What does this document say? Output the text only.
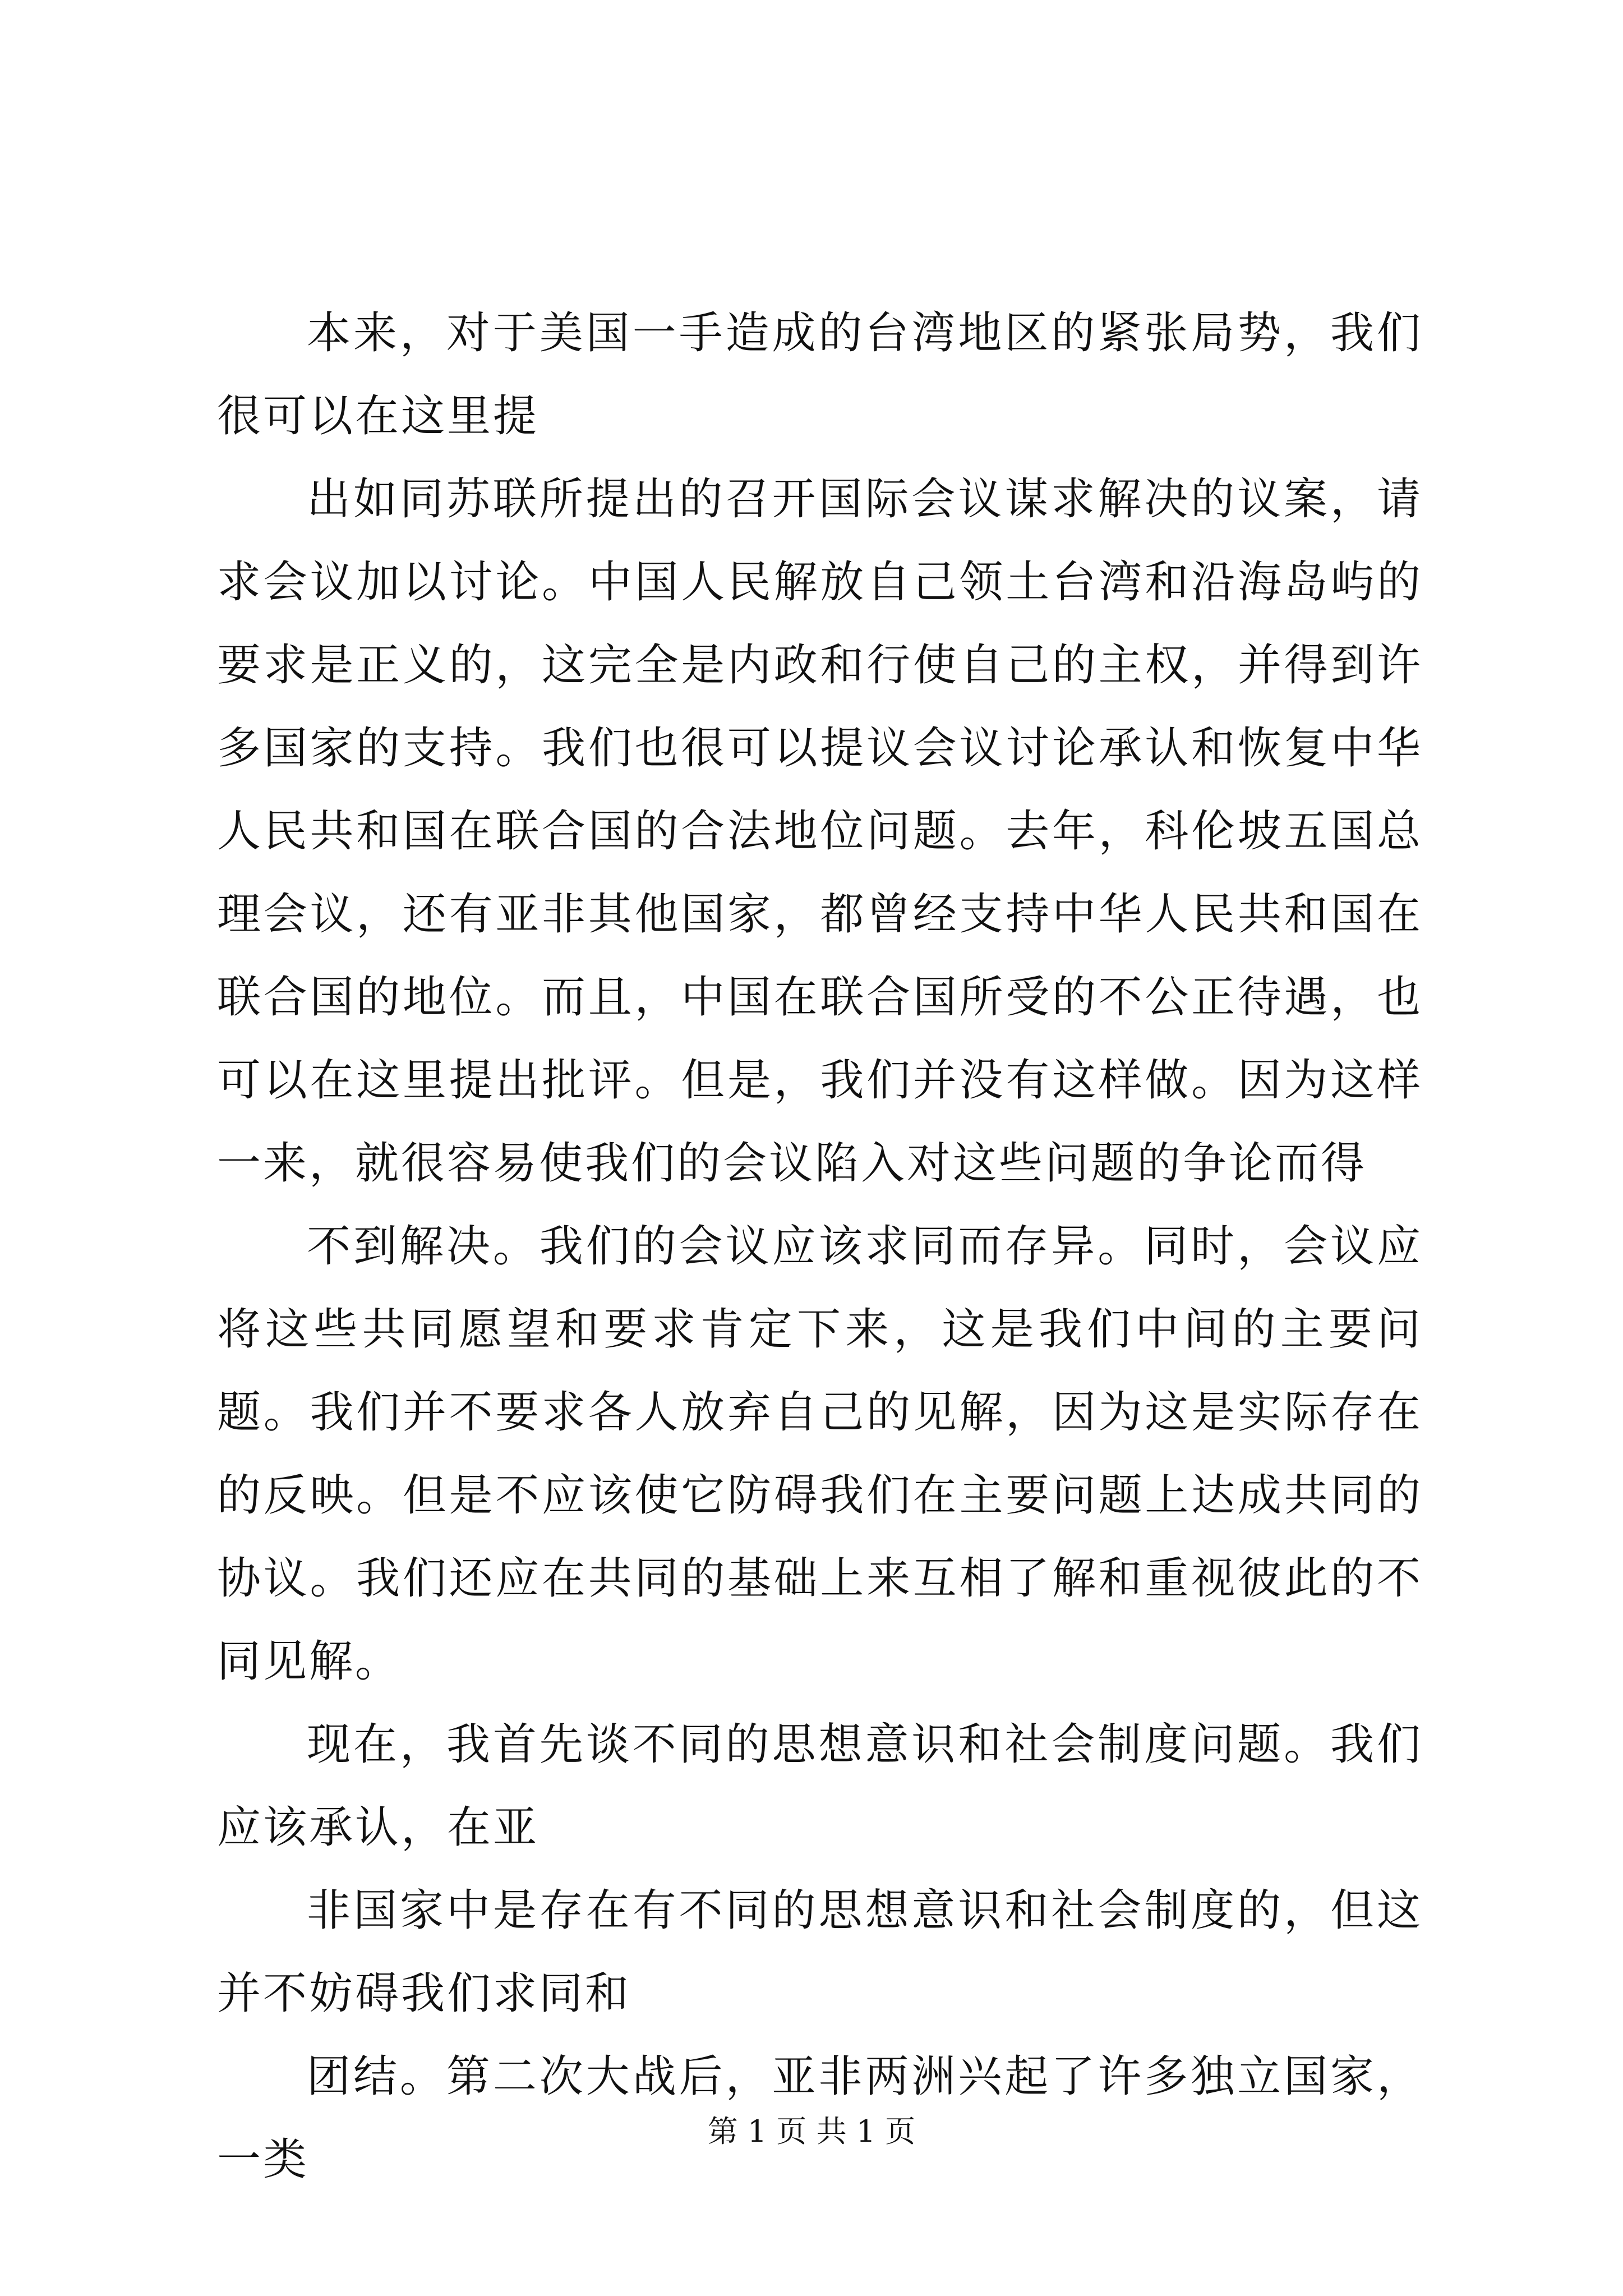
本来，对于美国一手造成的台湾地区的紧张局势，我们很可以在这里提

出如同苏联所提出的召开国际会议谋求解决的议案，请求会议加以讨论。中国人民解放自己领土台湾和沿海岛屿的要求是正义的，这完全是内政和行使自己的主权，并得到许多国家的支持。我们也很可以提议会议讨论承认和恢复中华人民共和国在联合国的合法地位问题。去年，科伦坡五国总理会议，还有亚非其他国家，都曾经支持中华人民共和国在联合国的地位。而且，中国在联合国所受的不公正待遇，也可以在这里提出批评。但是，我们并没有这样做。因为这样一来，就很容易使我们的会议陷入对这些问题的争论而得

不到解决。我们的会议应该求同而存异。同时，会议应将这些共同愿望和要求肯定下来，这是我们中间的主要问题。我们并不要求各人放弃自己的见解，因为这是实际存在的反映。但是不应该使它防碍我们在主要问题上达成共同的协议。我们还应在共同的基础上来互相了解和重视彼此的不同见解。

现在，我首先谈不同的思想意识和社会制度问题。我们应该承认，在亚

非国家中是存在有不同的思想意识和社会制度的，但这并不妨碍我们求同和

团结。第二次大战后，亚非两洲兴起了许多独立国家，一类

第 1 页 共 1 页
